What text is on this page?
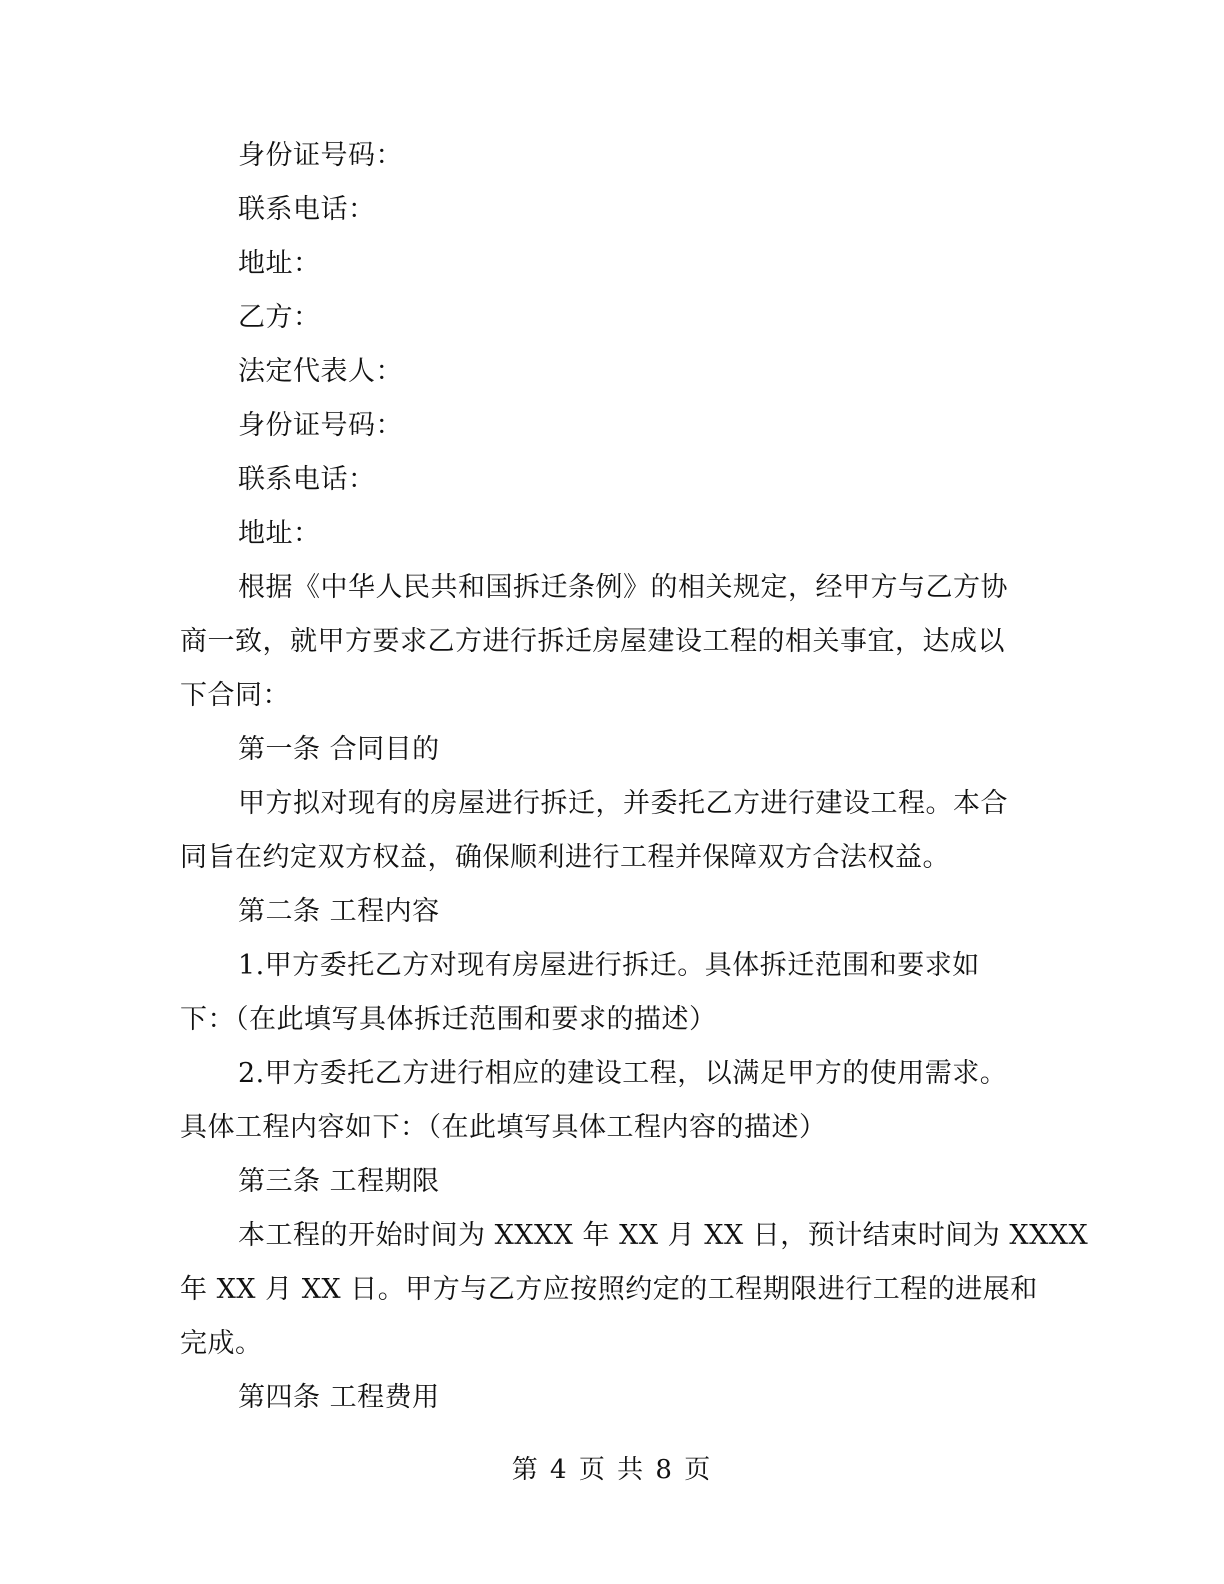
身份证号码：
联系电话：
地址：
乙方：
法定代表人：
身份证号码：
联系电话：
地址：
根据《中华人民共和国拆迁条例》的相关规定，经甲方与乙方协
商一致，就甲方要求乙方进行拆迁房屋建设工程的相关事宜，达成以
下合同：
第一条 合同目的
甲方拟对现有的房屋进行拆迁，并委托乙方进行建设工程。本合
同旨在约定双方权益，确保顺利进行工程并保障双方合法权益。
第二条 工程内容
1.甲方委托乙方对现有房屋进行拆迁。具体拆迁范围和要求如
下：（在此填写具体拆迁范围和要求的描述）
2.甲方委托乙方进行相应的建设工程，以满足甲方的使用需求。
具体工程内容如下：（在此填写具体工程内容的描述）
第三条 工程期限
本工程的开始时间为 XXXX 年 XX 月 XX 日，预计结束时间为 XXXX
年 XX 月 XX 日。甲方与乙方应按照约定的工程期限进行工程的进展和
完成。
第四条 工程费用
第 4 页 共 8 页
